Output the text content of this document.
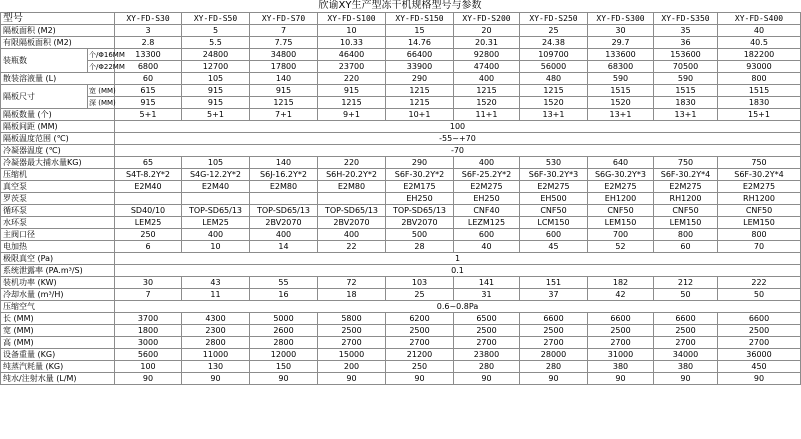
欣谕XY生产型冻干机规格型号与参数
型号		XY-FD-S30	XY-FD-S50	XY-FD-S70	XY-FD-S100	XY-FD-S150	XY-FD-S200	XY-FD-S250	XY-FD-S300	XY-FD-S350	XY-FD-S400
隔板面积 (M2)		3	5	7	10	15	20	25	30	35	40
有限隔板面积 (M2)		2.8	5.5	7.75	10.33	14.76	20.31	24.38	29.7	36	40.5
装瓶数	个/Φ16MM	13300	24800	34800	46400	66400	92800	109700	133600	153600	182200
	个/Φ22MM	6800	12700	17800	23700	33900	47400	56000	68300	70500	93000
散装溶液量 (L)		60	105	140	220	290	400	480	590	590	800
隔板尺寸	宽 (MM)	615	915	915	915	1215	1215	1215	1515	1515	1515
	深 (MM)	915	915	1215	1215	1215	1520	1520	1520	1830	1830
隔板数量 (个)		5+1	5+1	7+1	9+1	10+1	11+1	13+1	13+1	13+1	15+1
隔板间距 (MM)		100									
隔板温度范围 (℃)		-55~+70									
冷凝器温度 (℃)		-70									
冷凝器最大捕水量KG)		65	105	140	220	290	400	530	640	750	750
压缩机		S4T-8.2Y*2	S4G-12.2Y*2	S6J-16.2Y*2	S6H-20.2Y*2	S6F-30.2Y*2	S6F-25.2Y*2	S6F-30.2Y*3	S6G-30.2Y*3	S6F-30.2Y*4	S6F-30.2Y*4
真空泵		E2M40	E2M40	E2M80	E2M80	E2M175	E2M275	E2M275	E2M275	E2M275	E2M275
罗茨泵						EH250	EH250	EH500	EH1200	RH1200	RH1200
循环泵		SD40/10	TOP-SD65/13	TOP-SD65/13	TOP-SD65/13	TOP-SD65/13	CNF40	CNF50	CNF50	CNF50	CNF50
水环泵		LEM25	LEM25	2BV2070	2BV2070	2BV2070	LEZM125	LCM150	LEM150	LEM150	LEM150
主阀口径		250	400	400	400	500	600	600	700	800	800
电加热		6	10	14	22	28	40	45	52	60	70
极限真空 (Pa)		1									
系统泄露率 (PA.m³/S)		0.1									
装机功率 (KW)		30	43	55	72	103	141	151	182	212	222
冷却水量 (m³/H)		7	11	16	18	25	31	37	42	50	50
压缩空气		0.6~0.8Pa									
长 (MM)		3700	4300	5000	5800	6200	6500	6600	6600	6600	6600
宽 (MM)		1800	2300	2600	2500	2500	2500	2500	2500	2500	2500
高 (MM)		3000	2800	2800	2700	2700	2700	2700	2700	2700	2700
设备重量 (KG)		5600	11000	12000	15000	21200	23800	28000	31000	34000	36000
纯蒸汽耗量 (KG)		100	130	150	200	250	280	280	380	380	450
纯水/注射水量 (L/M)		90	90	90	90	90	90	90	90	90	90
